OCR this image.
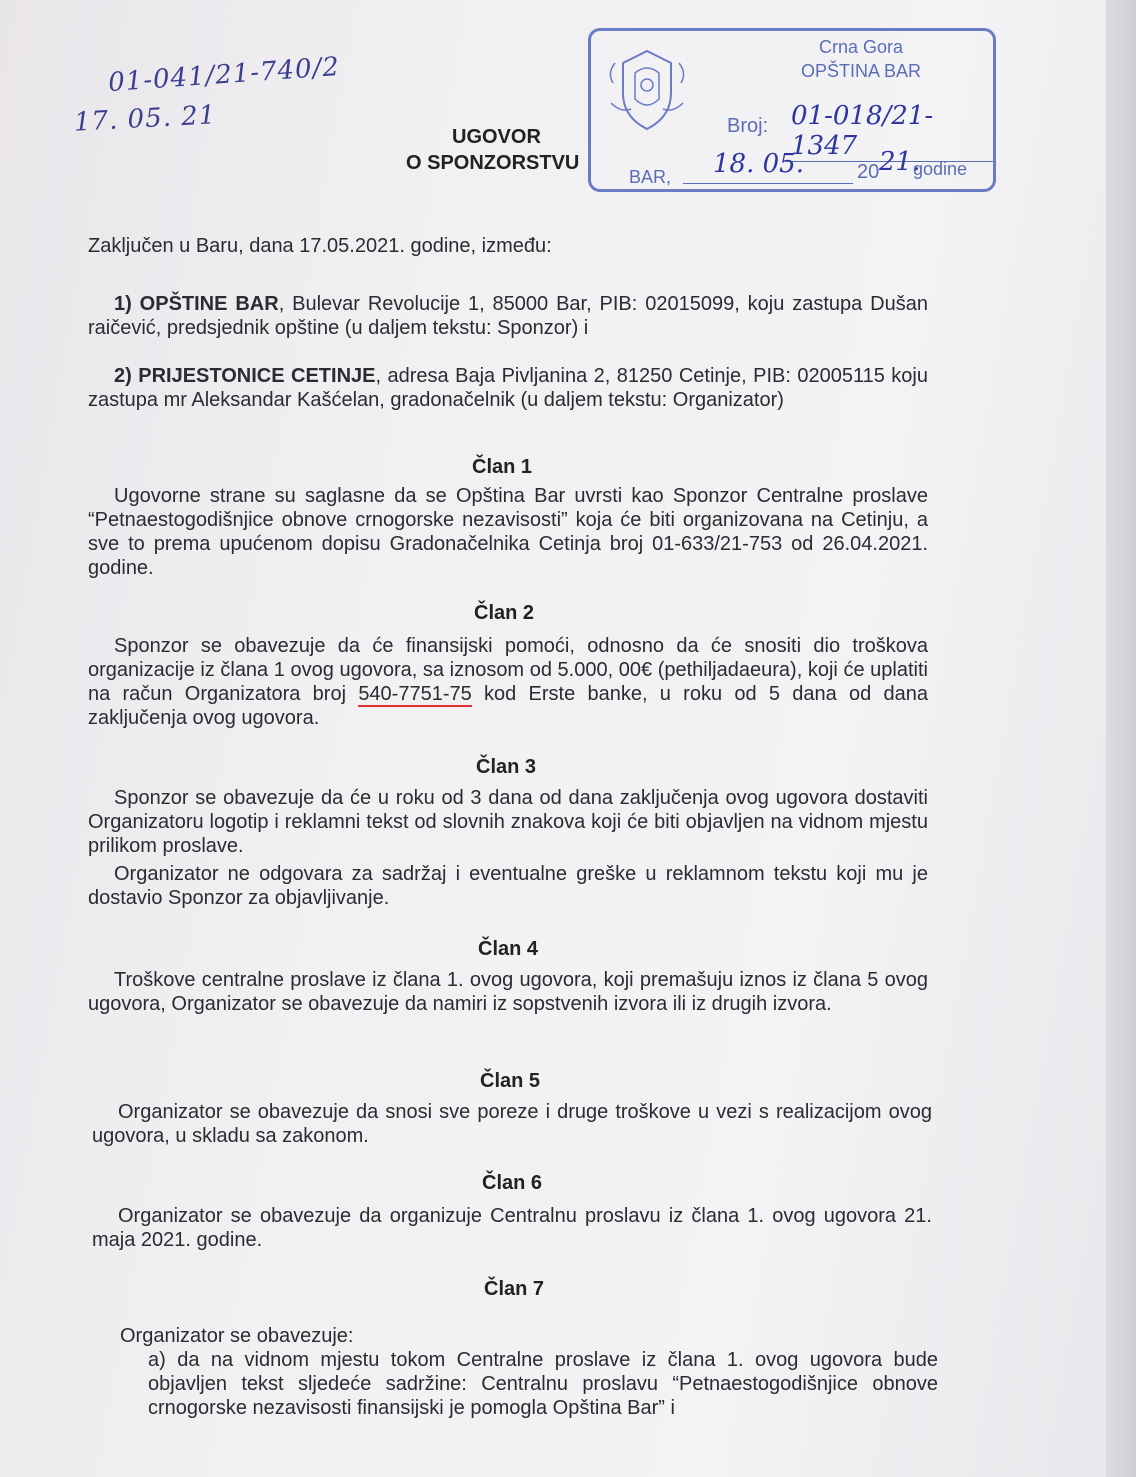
01-041/21-740/2
17. 05. 21
Crna Gora
OPŠTINA BAR
Broj: 01-018/21-1347
BAR, 18. 05.	20 21.
godine
UGOVOR
O SPONZORSTVU
Zaključen u Baru, dana 17.05.2021. godine, između:
1) OPŠTINE BAR, Bulevar Revolucije 1, 85000 Bar, PIB: 02015099, koju zastupa Dušan raičević, predsjednik opštine (u daljem tekstu: Sponzor) i
2) PRIJESTONICE CETINJE, adresa Baja Pivljanina 2, 81250 Cetinje, PIB: 02005115 koju zastupa mr Aleksandar Kašćelan, gradonačelnik (u daljem tekstu: Organizator)
Član 1
Ugovorne strane su saglasne da se Opština Bar uvrsti kao Sponzor Centralne proslave “Petnaestogodišnjice obnove crnogorske nezavisosti” koja će biti organizovana na Cetinju, a sve to prema upućenom dopisu Gradonačelnika Cetinja broj 01-633/21-753 od 26.04.2021. godine.
Član 2
Sponzor se obavezuje da će finansijski pomoći, odnosno da će snositi dio troškova organizacije iz člana 1 ovog ugovora, sa iznosom od 5.000, 00€ (pethiljadaeura), koji će uplatiti na račun Organizatora broj 540-7751-75 kod Erste banke, u roku od 5 dana od dana zaključenja ovog ugovora.
Član 3
Sponzor se obavezuje da će u roku od 3 dana od dana zaključenja ovog ugovora dostaviti Organizatoru logotip i reklamni tekst od slovnih znakova koji će biti objavljen na vidnom mjestu prilikom proslave.
Organizator ne odgovara za sadržaj i eventualne greške u reklamnom tekstu koji mu je dostavio Sponzor za objavljivanje.
Član 4
Troškove centralne proslave iz člana 1. ovog ugovora, koji premašuju iznos iz člana 5 ovog ugovora, Organizator se obavezuje da namiri iz sopstvenih izvora ili iz drugih izvora.
Član 5
Organizator se obavezuje da snosi sve poreze i druge troškove u vezi s realizacijom ovog ugovora, u skladu sa zakonom.
Član 6
Organizator se obavezuje da organizuje Centralnu proslavu iz člana 1. ovog ugovora 21. maja 2021. godine.
Član 7
Organizator se obavezuje:
a) da na vidnom mjestu tokom Centralne proslave iz člana 1. ovog ugovora bude objavljen tekst sljedeće sadržine: Centralnu proslavu “Petnaestogodišnjice obnove crnogorske nezavisosti finansijski je pomogla Opština Bar” i
